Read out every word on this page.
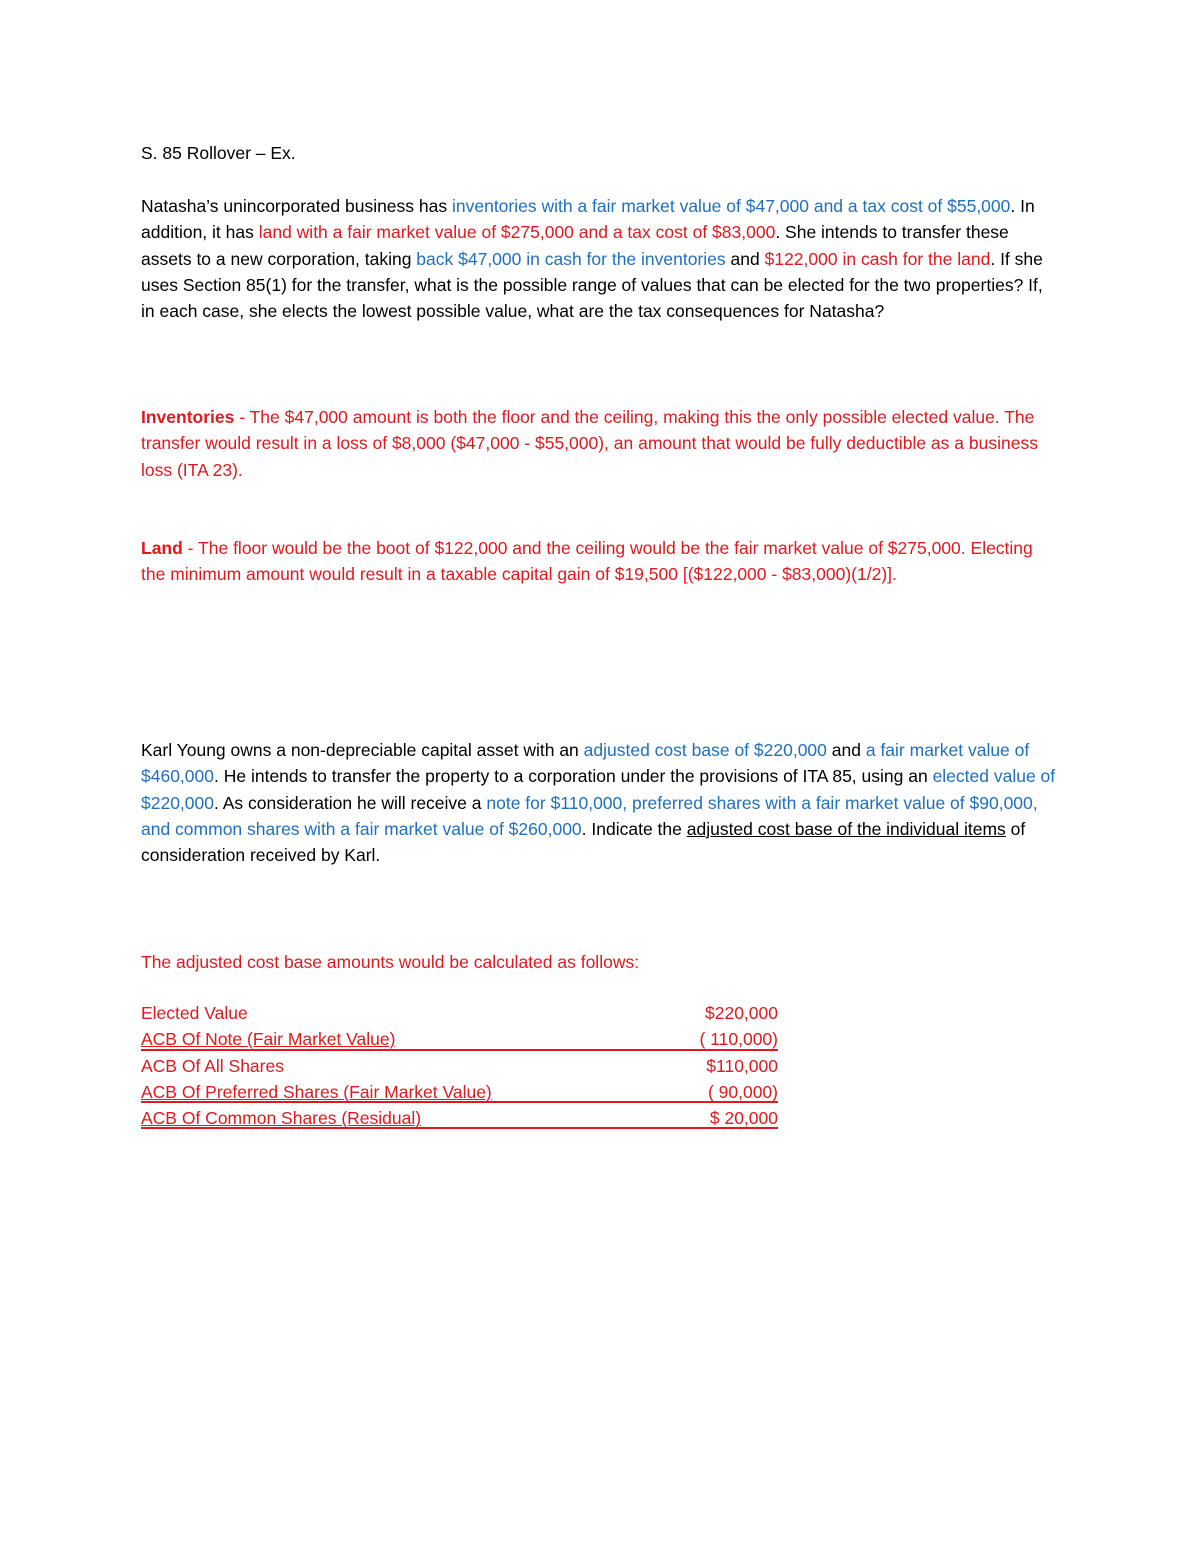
S. 85 Rollover – Ex.

Natasha’s unincorporated business has inventories with a fair market value of $47,000 and a tax cost of $55,000. In addition, it has land with a fair market value of $275,000 and a tax cost of $83,000. She intends to transfer these assets to a new corporation, taking back $47,000 in cash for the inventories and $122,000 in cash for the land. If she uses Section 85(1) for the transfer, what is the possible range of values that can be elected for the two properties? If, in each case, she elects the lowest possible value, what are the tax consequences for Natasha?

Inventories - The $47,000 amount is both the floor and the ceiling, making this the only possible elected value. The transfer would result in a loss of $8,000 ($47,000 - $55,000), an amount that would be fully deductible as a business loss (ITA 23).

Land - The floor would be the boot of $122,000 and the ceiling would be the fair market value of $275,000. Electing the minimum amount would result in a taxable capital gain of $19,500 [($122,000 - $83,000)(1/2)].

Karl Young owns a non-depreciable capital asset with an adjusted cost base of $220,000 and a fair market value of $460,000. He intends to transfer the property to a corporation under the provisions of ITA 85, using an elected value of $220,000. As consideration he will receive a note for $110,000, preferred shares with a fair market value of $90,000, and common shares with a fair market value of $260,000. Indicate the adjusted cost base of the individual items of consideration received by Karl.

The adjusted cost base amounts would be calculated as follows:

Elected Value	$220,000
ACB Of Note (Fair Market Value)	( 110,000)
ACB Of All Shares	$110,000
ACB Of Preferred Shares (Fair Market Value)	( 90,000)
ACB Of Common Shares (Residual)	$ 20,000
